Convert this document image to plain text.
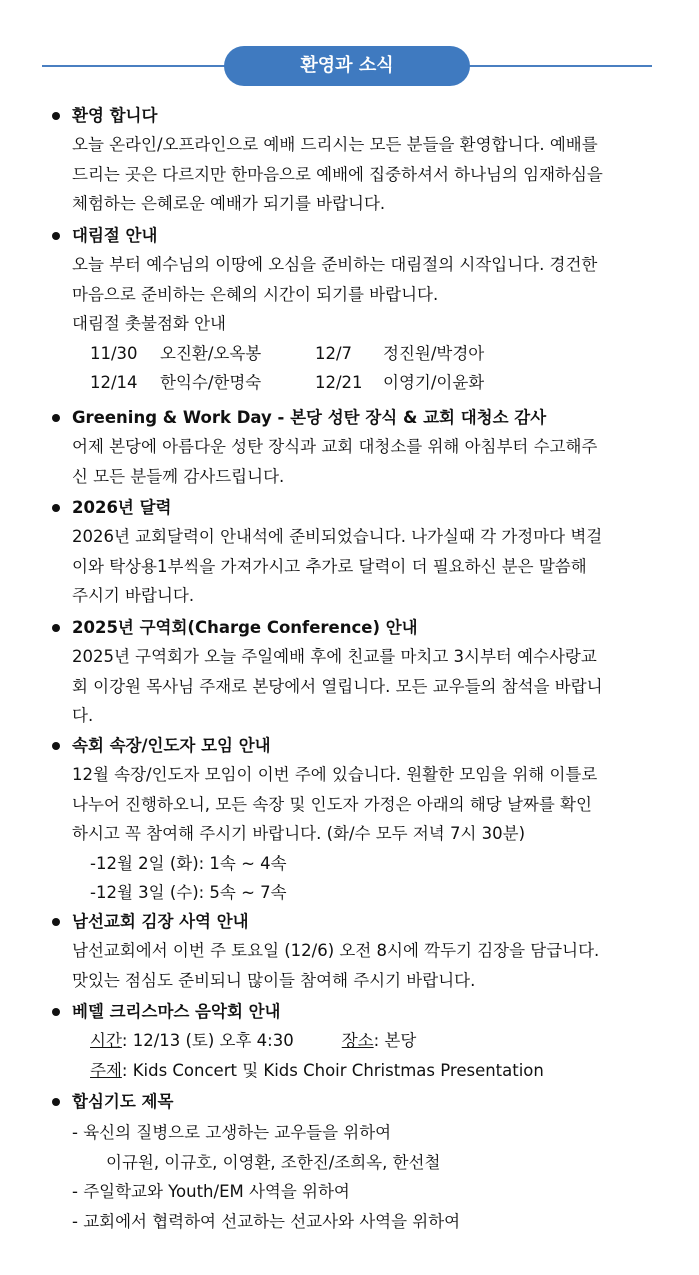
환영과 소식
환영 합니다
오늘 온라인/오프라인으로 예배 드리시는 모든 분들을 환영합니다. 예배를
드리는 곳은 다르지만 한마음으로 예배에 집중하셔서 하나님의 임재하심을
체험하는 은혜로운 예배가 되기를 바랍니다.
대림절 안내
오늘 부터 예수님의 이땅에 오심을 준비하는 대림절의 시작입니다. 경건한
마음으로 준비하는 은혜의 시간이 되기를 바랍니다.
대림절 촛불점화 안내
11/30 오진환/오옥봉	12/7 정진원/박경아
12/14 한익수/한명숙	12/21 이영기/이윤화
Greening & Work Day - 본당 성탄 장식 & 교회 대청소 감사
어제 본당에 아름다운 성탄 장식과 교회 대청소를 위해 아침부터 수고해주
신 모든 분들께 감사드립니다.
2026년 달력
2026년 교회달력이 안내석에 준비되었습니다. 나가실때 각 가정마다 벽걸
이와 탁상용1부씩을 가져가시고 추가로 달력이 더 필요하신 분은 말씀해
주시기 바랍니다.
2025년 구역회(Charge Conference) 안내
2025년 구역회가 오늘 주일예배 후에 친교를 마치고 3시부터 예수사랑교
회 이강원 목사님 주재로 본당에서 열립니다. 모든 교우들의 참석을 바랍니
다.
속회 속장/인도자 모임 안내
12월 속장/인도자 모임이 이번 주에 있습니다. 원활한 모임을 위해 이틀로
나누어 진행하오니, 모든 속장 및 인도자 가정은 아래의 해당 날짜를 확인
하시고 꼭 참여해 주시기 바랍니다. (화/수 모두 저녁 7시 30분)
-12월 2일 (화): 1속 ~ 4속
-12월 3일 (수): 5속 ~ 7속
남선교회 김장 사역 안내
남선교회에서 이번 주 토요일 (12/6) 오전 8시에 깍두기 김장을 담급니다.
맛있는 점심도 준비되니 많이들 참여해 주시기 바랍니다.
베델 크리스마스 음악회 안내
시간: 12/13 (토) 오후 4:30	장소: 본당
주제: Kids Concert 및 Kids Choir Christmas Presentation
합심기도 제목
- 육신의 질병으로 고생하는 교우들을 위하여
이규원, 이규호, 이영환, 조한진/조희옥, 한선철
- 주일학교와 Youth/EM 사역을 위하여
- 교회에서 협력하여 선교하는 선교사와 사역을 위하여
